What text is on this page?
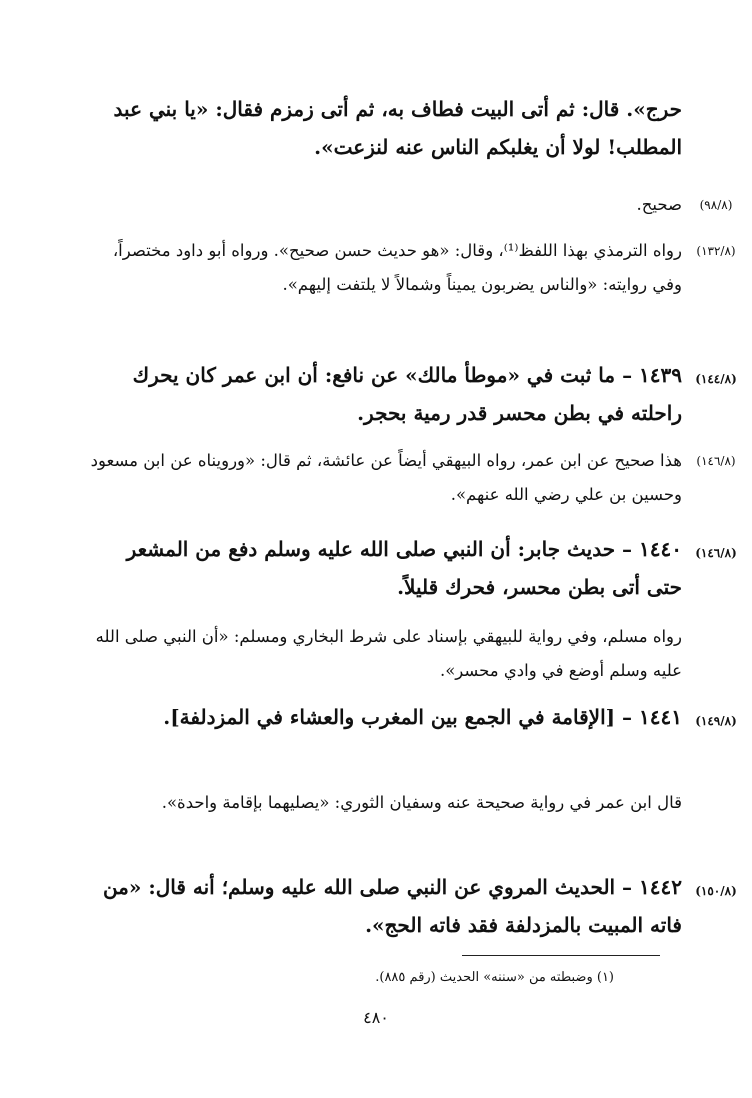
حرج». قال: ثم أتى البيت فطاف به، ثم أتى زمزم فقال: «يا بني عبد المطلب! لولا أن يغلبكم الناس عنه لنزعت».
(٩٨/٨)
صحيح.
(١٣٢/٨)
رواه الترمذي بهذا اللفظ⁽¹⁾، وقال: «هو حديث حسن صحيح». ورواه أبو داود مختصراً، وفي روايته: «والناس يضربون يميناً وشمالاً لا يلتفت إليهم».
(١٤٤/٨)
١٤٣٩ – ما ثبت في «موطأ مالك» عن نافع: أن ابن عمر كان يحرك راحلته في بطن محسر قدر رمية بحجر.
(١٤٦/٨)
هذا صحيح عن ابن عمر، رواه البيهقي أيضاً عن عائشة، ثم قال: «ورويناه عن ابن مسعود وحسين بن علي رضي الله عنهم».
(١٤٦/٨)
١٤٤٠ – حديث جابر: أن النبي صلى الله عليه وسلم دفع من المشعر حتى أتى بطن محسر، فحرك قليلاً.
رواه مسلم، وفي رواية للبيهقي بإسناد على شرط البخاري ومسلم: «أن النبي صلى الله عليه وسلم أوضع في وادي محسر».
(١٤٩/٨)
١٤٤١ – [الإقامة في الجمع بين المغرب والعشاء في المزدلفة].
قال ابن عمر في رواية صحيحة عنه وسفيان الثوري: «يصليهما بإقامة واحدة».
(١٥٠/٨)
١٤٤٢ – الحديث المروي عن النبي صلى الله عليه وسلم؛ أنه قال: «من فاته المبيت بالمزدلفة فقد فاته الحج».
(١) وضبطته من «سننه» الحديث (رقم ٨٨٥).
٤٨٠
